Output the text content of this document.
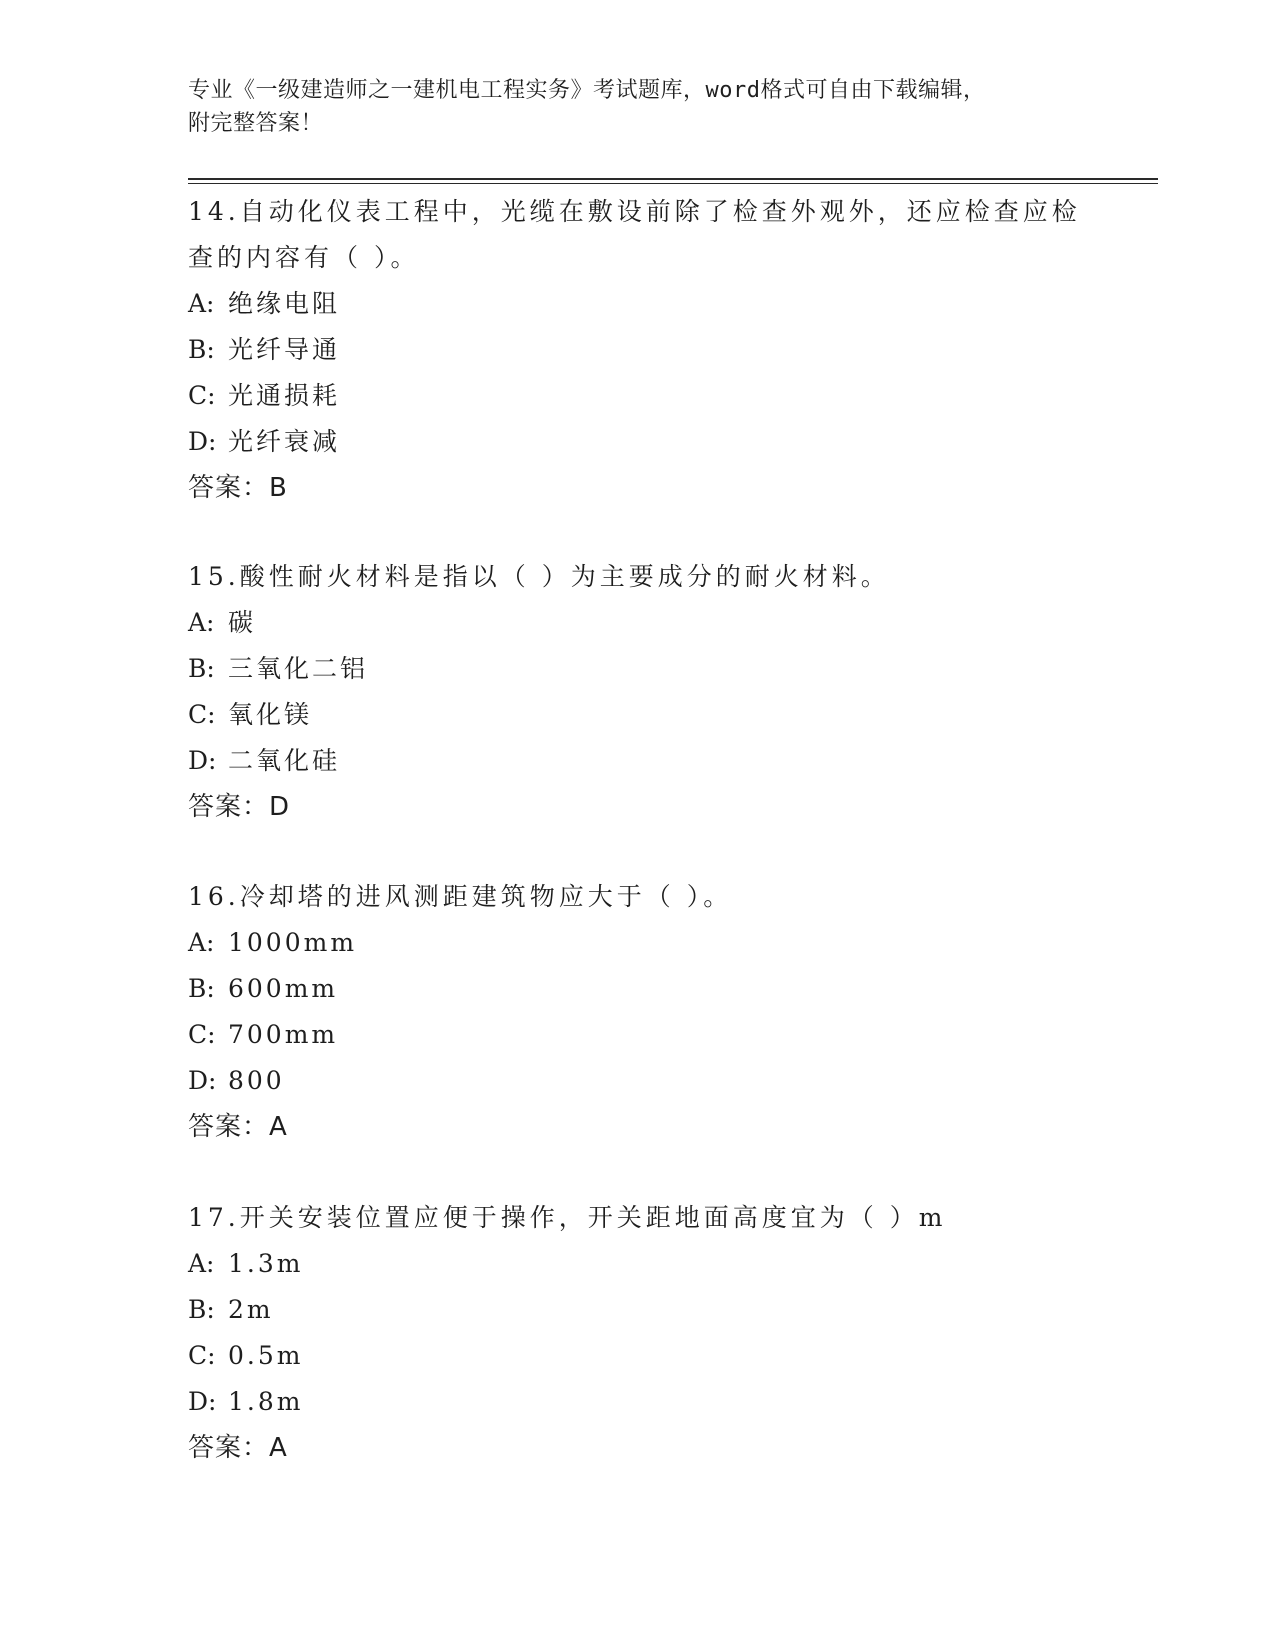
专业《一级建造师之一建机电工程实务》考试题库，word格式可自由下载编辑，
附完整答案！

14.自动化仪表工程中，光缆在敷设前除了检查外观外，还应检查应检查的内容有（ ）。

A: 绝缘电阻

B: 光纤导通

C: 光通损耗

D: 光纤衰减

答案：B

15.酸性耐火材料是指以（ ）为主要成分的耐火材料。

A: 碳

B: 三氧化二铝

C: 氧化镁

D: 二氧化硅

答案：D

16.冷却塔的进风测距建筑物应大于（ ）。

A: 1000mm

B: 600mm

C: 700mm

D: 800

答案：A

17.开关安装位置应便于操作，开关距地面高度宜为（ ）m

A: 1.3m

B: 2m

C: 0.5m

D: 1.8m

答案：A
